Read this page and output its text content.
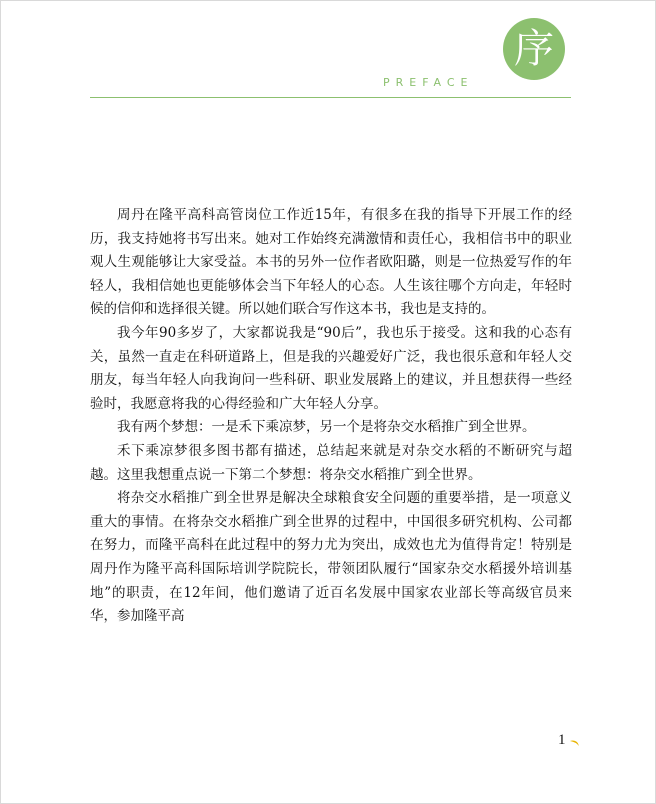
PREFACE
序

周丹在隆平高科高管岗位工作近15年，有很多在我的指导下开展工作的经历，我支持她将书写出来。她对工作始终充满激情和责任心，我相信书中的职业观人生观能够让大家受益。本书的另外一位作者欧阳璐，则是一位热爱写作的年轻人，我相信她也更能够体会当下年轻人的心态。人生该往哪个方向走，年轻时候的信仰和选择很关键。所以她们联合写作这本书，我也是支持的。

我今年90多岁了，大家都说我是“90后”，我也乐于接受。这和我的心态有关，虽然一直走在科研道路上，但是我的兴趣爱好广泛，我也很乐意和年轻人交朋友，每当年轻人向我询问一些科研、职业发展路上的建议，并且想获得一些经验时，我愿意将我的心得经验和广大年轻人分享。

我有两个梦想：一是禾下乘凉梦，另一个是将杂交水稻推广到全世界。

禾下乘凉梦很多图书都有描述，总结起来就是对杂交水稻的不断研究与超越。这里我想重点说一下第二个梦想：将杂交水稻推广到全世界。

将杂交水稻推广到全世界是解决全球粮食安全问题的重要举措，是一项意义重大的事情。在将杂交水稻推广到全世界的过程中，中国很多研究机构、公司都在努力，而隆平高科在此过程中的努力尤为突出，成效也尤为值得肯定！特别是周丹作为隆平高科国际培训学院院长，带领团队履行“国家杂交水稻援外培训基地”的职责，在12年间，他们邀请了近百名发展中国家农业部长等高级官员来华，参加隆平高

1
